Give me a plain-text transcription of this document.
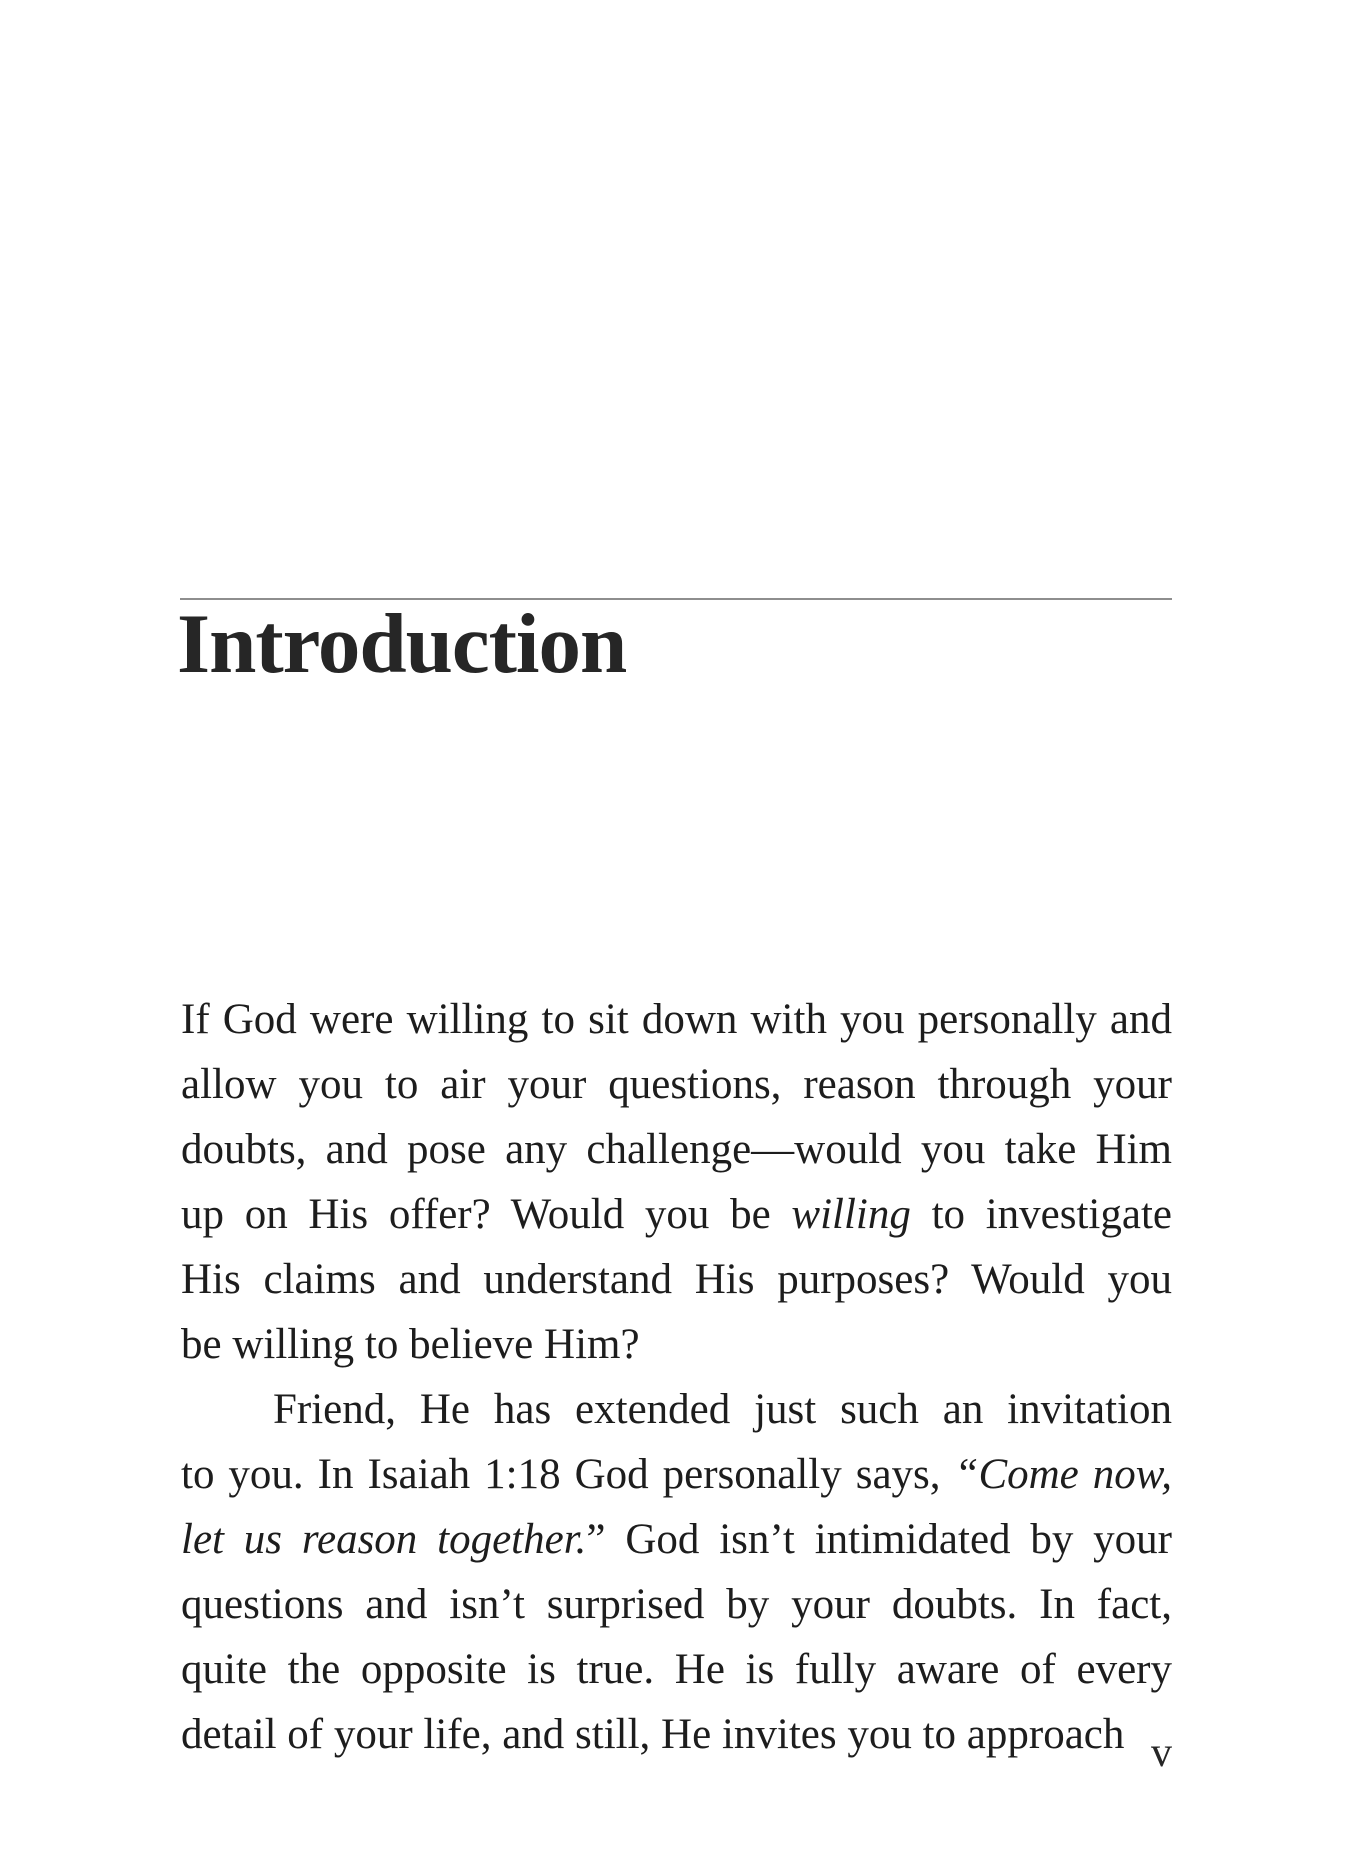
Introduction
If God were willing to sit down with you personally and
allow you to air your questions, reason through your
doubts, and pose any challenge—would you take Him
up on His offer? Would you be willing to investigate
His claims and understand His purposes? Would you
be willing to believe Him?
Friend, He has extended just such an invitation
to you. In Isaiah 1:18 God personally says, “Come now,
let us reason together.” God isn’t intimidated by your
questions and isn’t surprised by your doubts. In fact,
quite the opposite is true. He is fully aware of every
detail of your life, and still, He invites you to approach v
